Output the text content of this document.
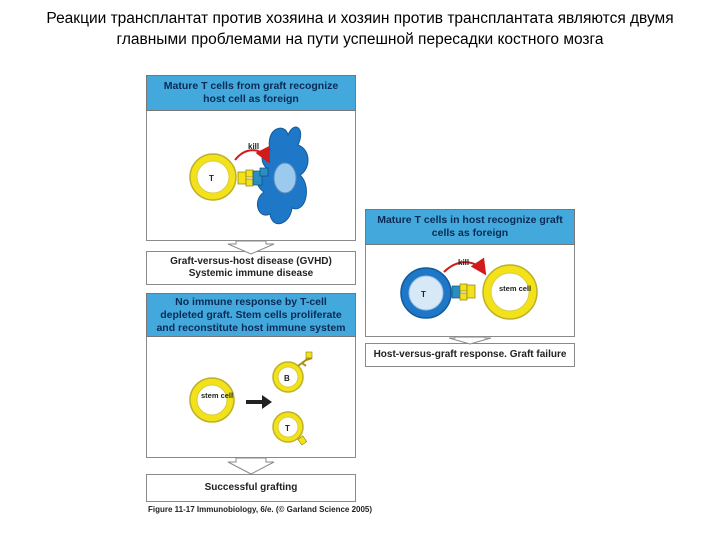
Реакции трансплантат против хозяина и хозяин против трансплантата являются двумя главными проблемами на пути успешной пересадки костного мозга
Mature T cells from graft recognize host cell as foreign
Graft-versus-host disease (GVHD) Systemic immune disease
No immune response by T-cell depleted graft. Stem cells proliferate and reconstitute host immune system
Successful grafting
Mature T cells in host recognize graft cells as foreign
Host-versus-graft response. Graft failure
T
kill
T
stem cell
kill
stem cell
B
T
Figure 11-17 Immunobiology, 6/e. (© Garland Science 2005)
